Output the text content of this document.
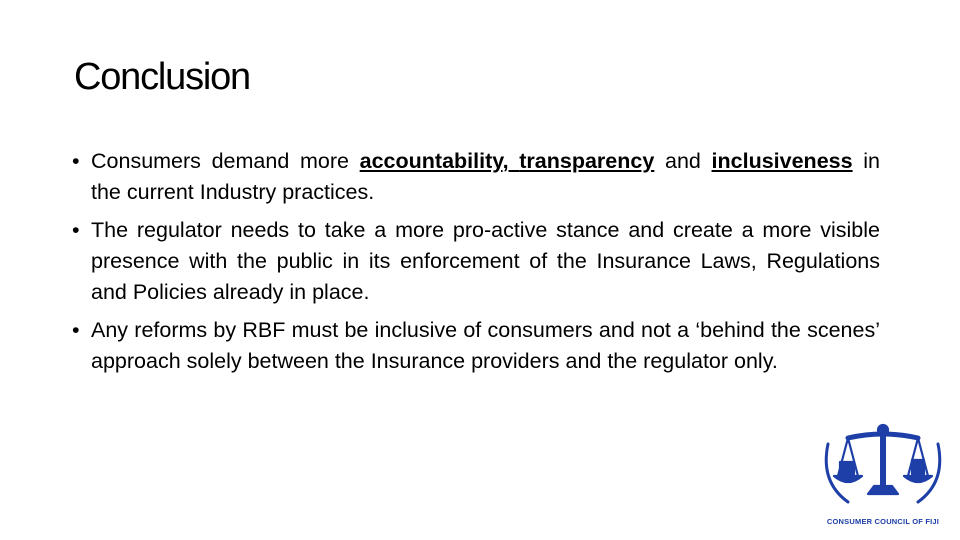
Conclusion
• Consumers demand more accountability, transparency and inclusiveness in the current Industry practices.
• The regulator needs to take a more pro-active stance and create a more visible presence with the public in its enforcement of the Insurance Laws, Regulations and Policies already in place.
• Any reforms by RBF must be inclusive of consumers and not a ‘behind the scenes’ approach solely between the Insurance providers and the regulator only.
CONSUMER COUNCIL OF FIJI
